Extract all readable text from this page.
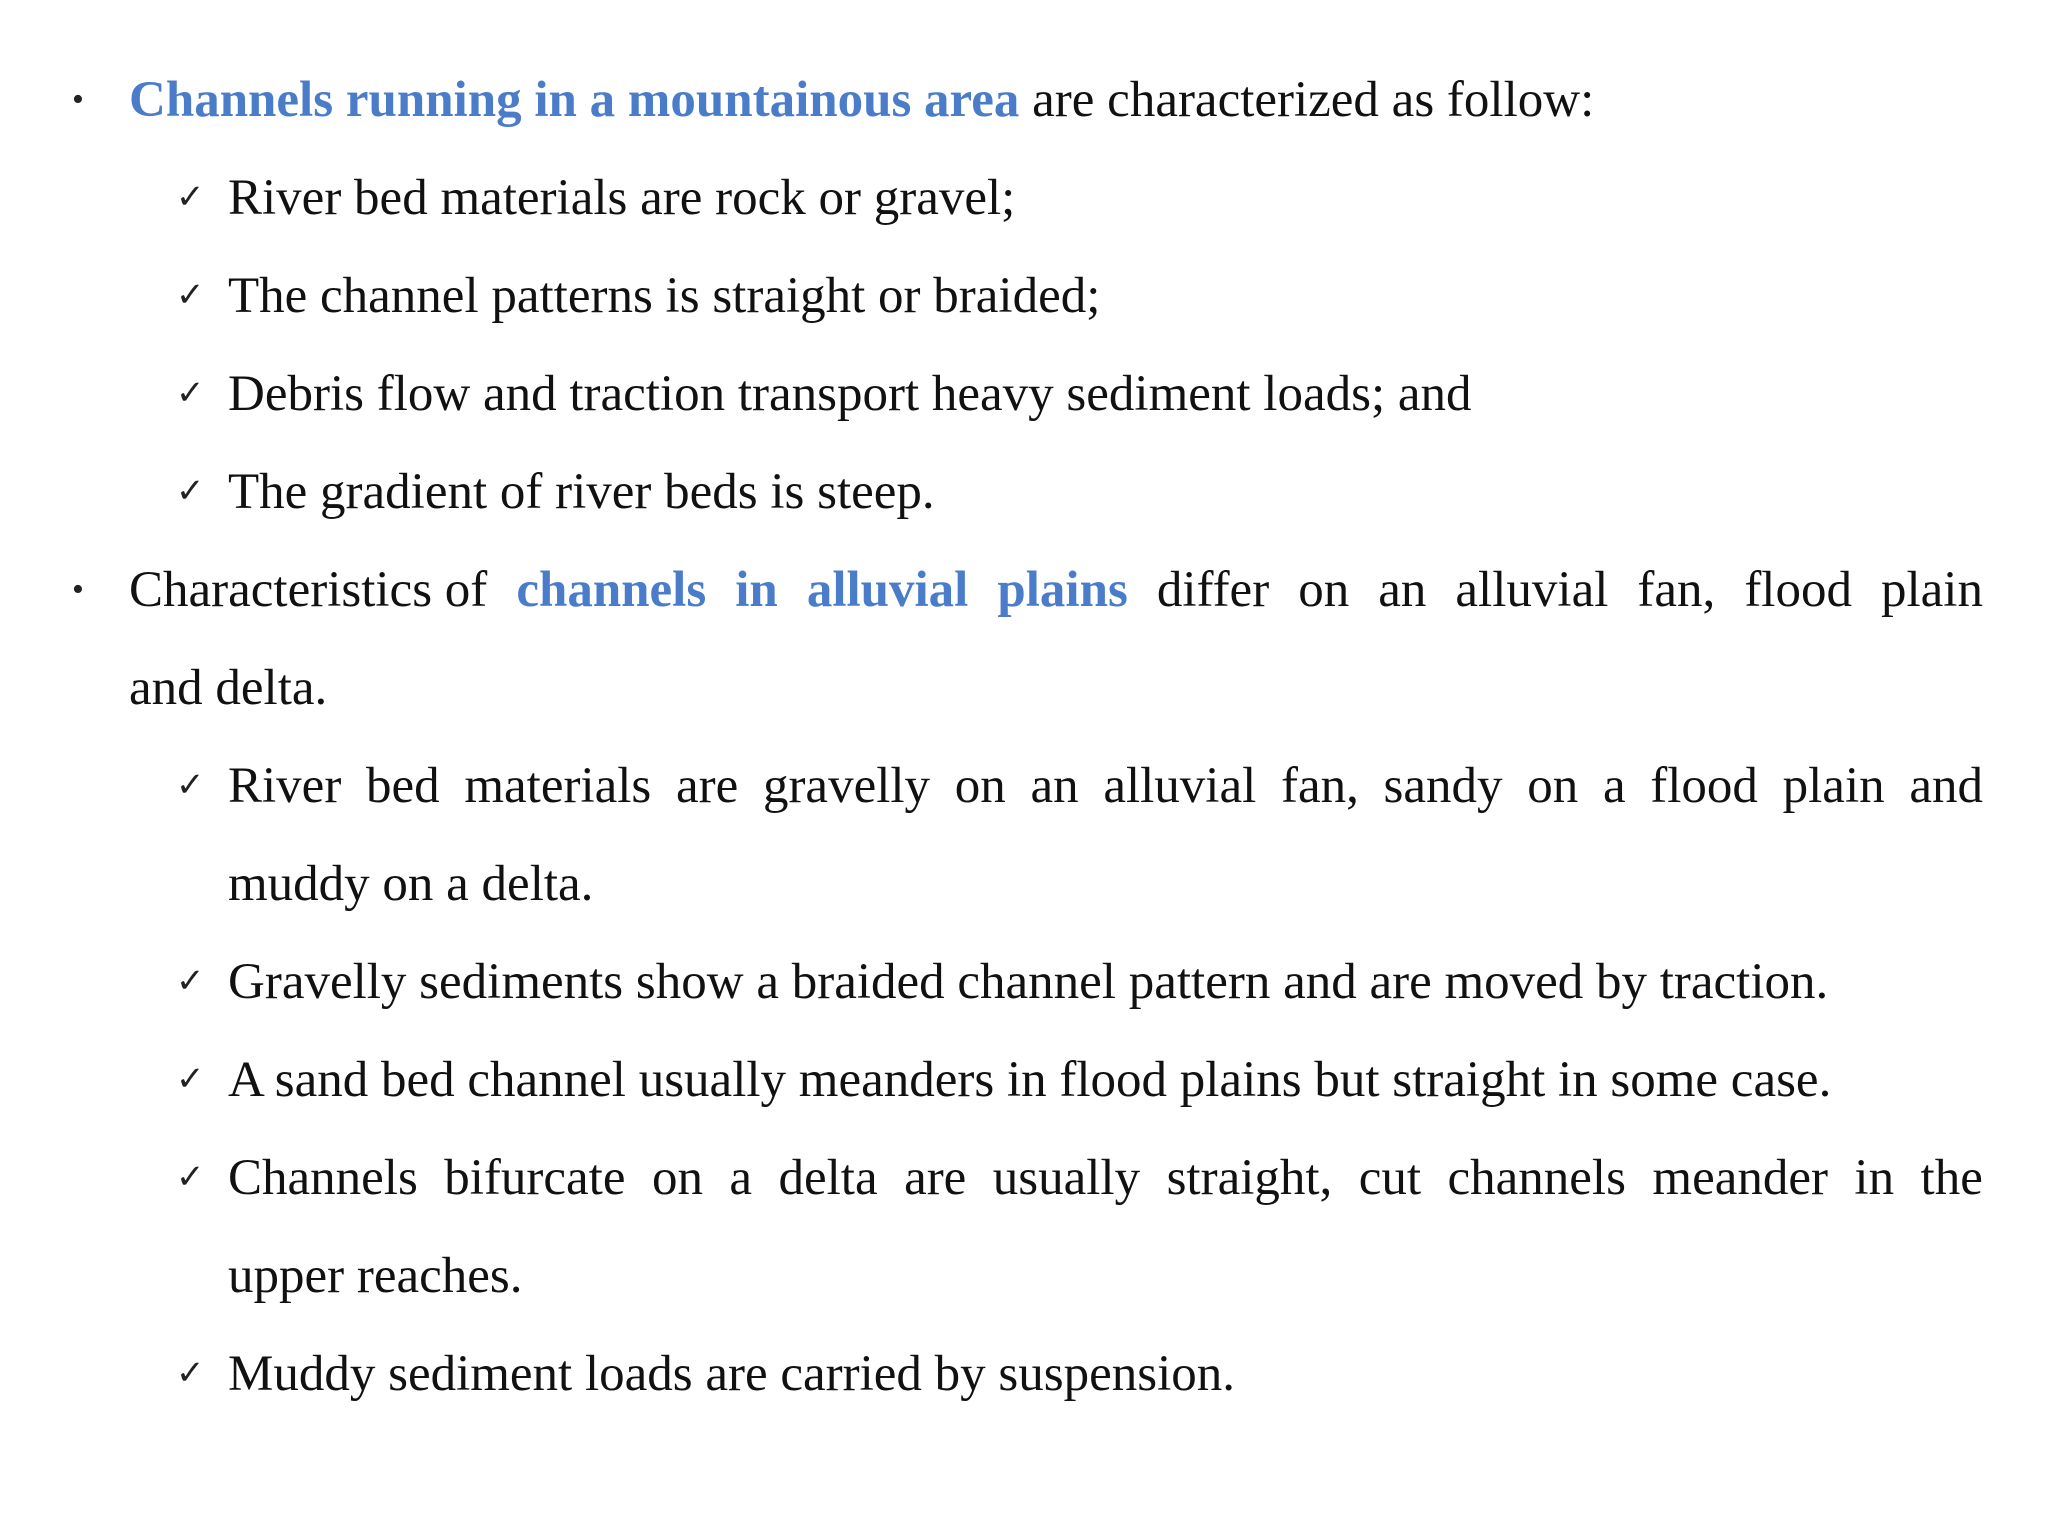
• Channels running in a mountainous area are characterized as follow:
✓ River bed materials are rock or gravel;
✓ The channel patterns is straight or braided;
✓ Debris flow and traction transport heavy sediment loads; and
✓ The gradient of river beds is steep.
• Characteristics of channels in alluvial plains differ on an alluvial fan, flood plain
and delta.
✓ River bed materials are gravelly on an alluvial fan, sandy on a flood plain and
muddy on a delta.
✓ Gravelly sediments show a braided channel pattern and are moved by traction.
✓ A sand bed channel usually meanders in flood plains but straight in some case.
✓ Channels bifurcate on a delta are usually straight, cut channels meander in the
upper reaches.
✓ Muddy sediment loads are carried by suspension.
